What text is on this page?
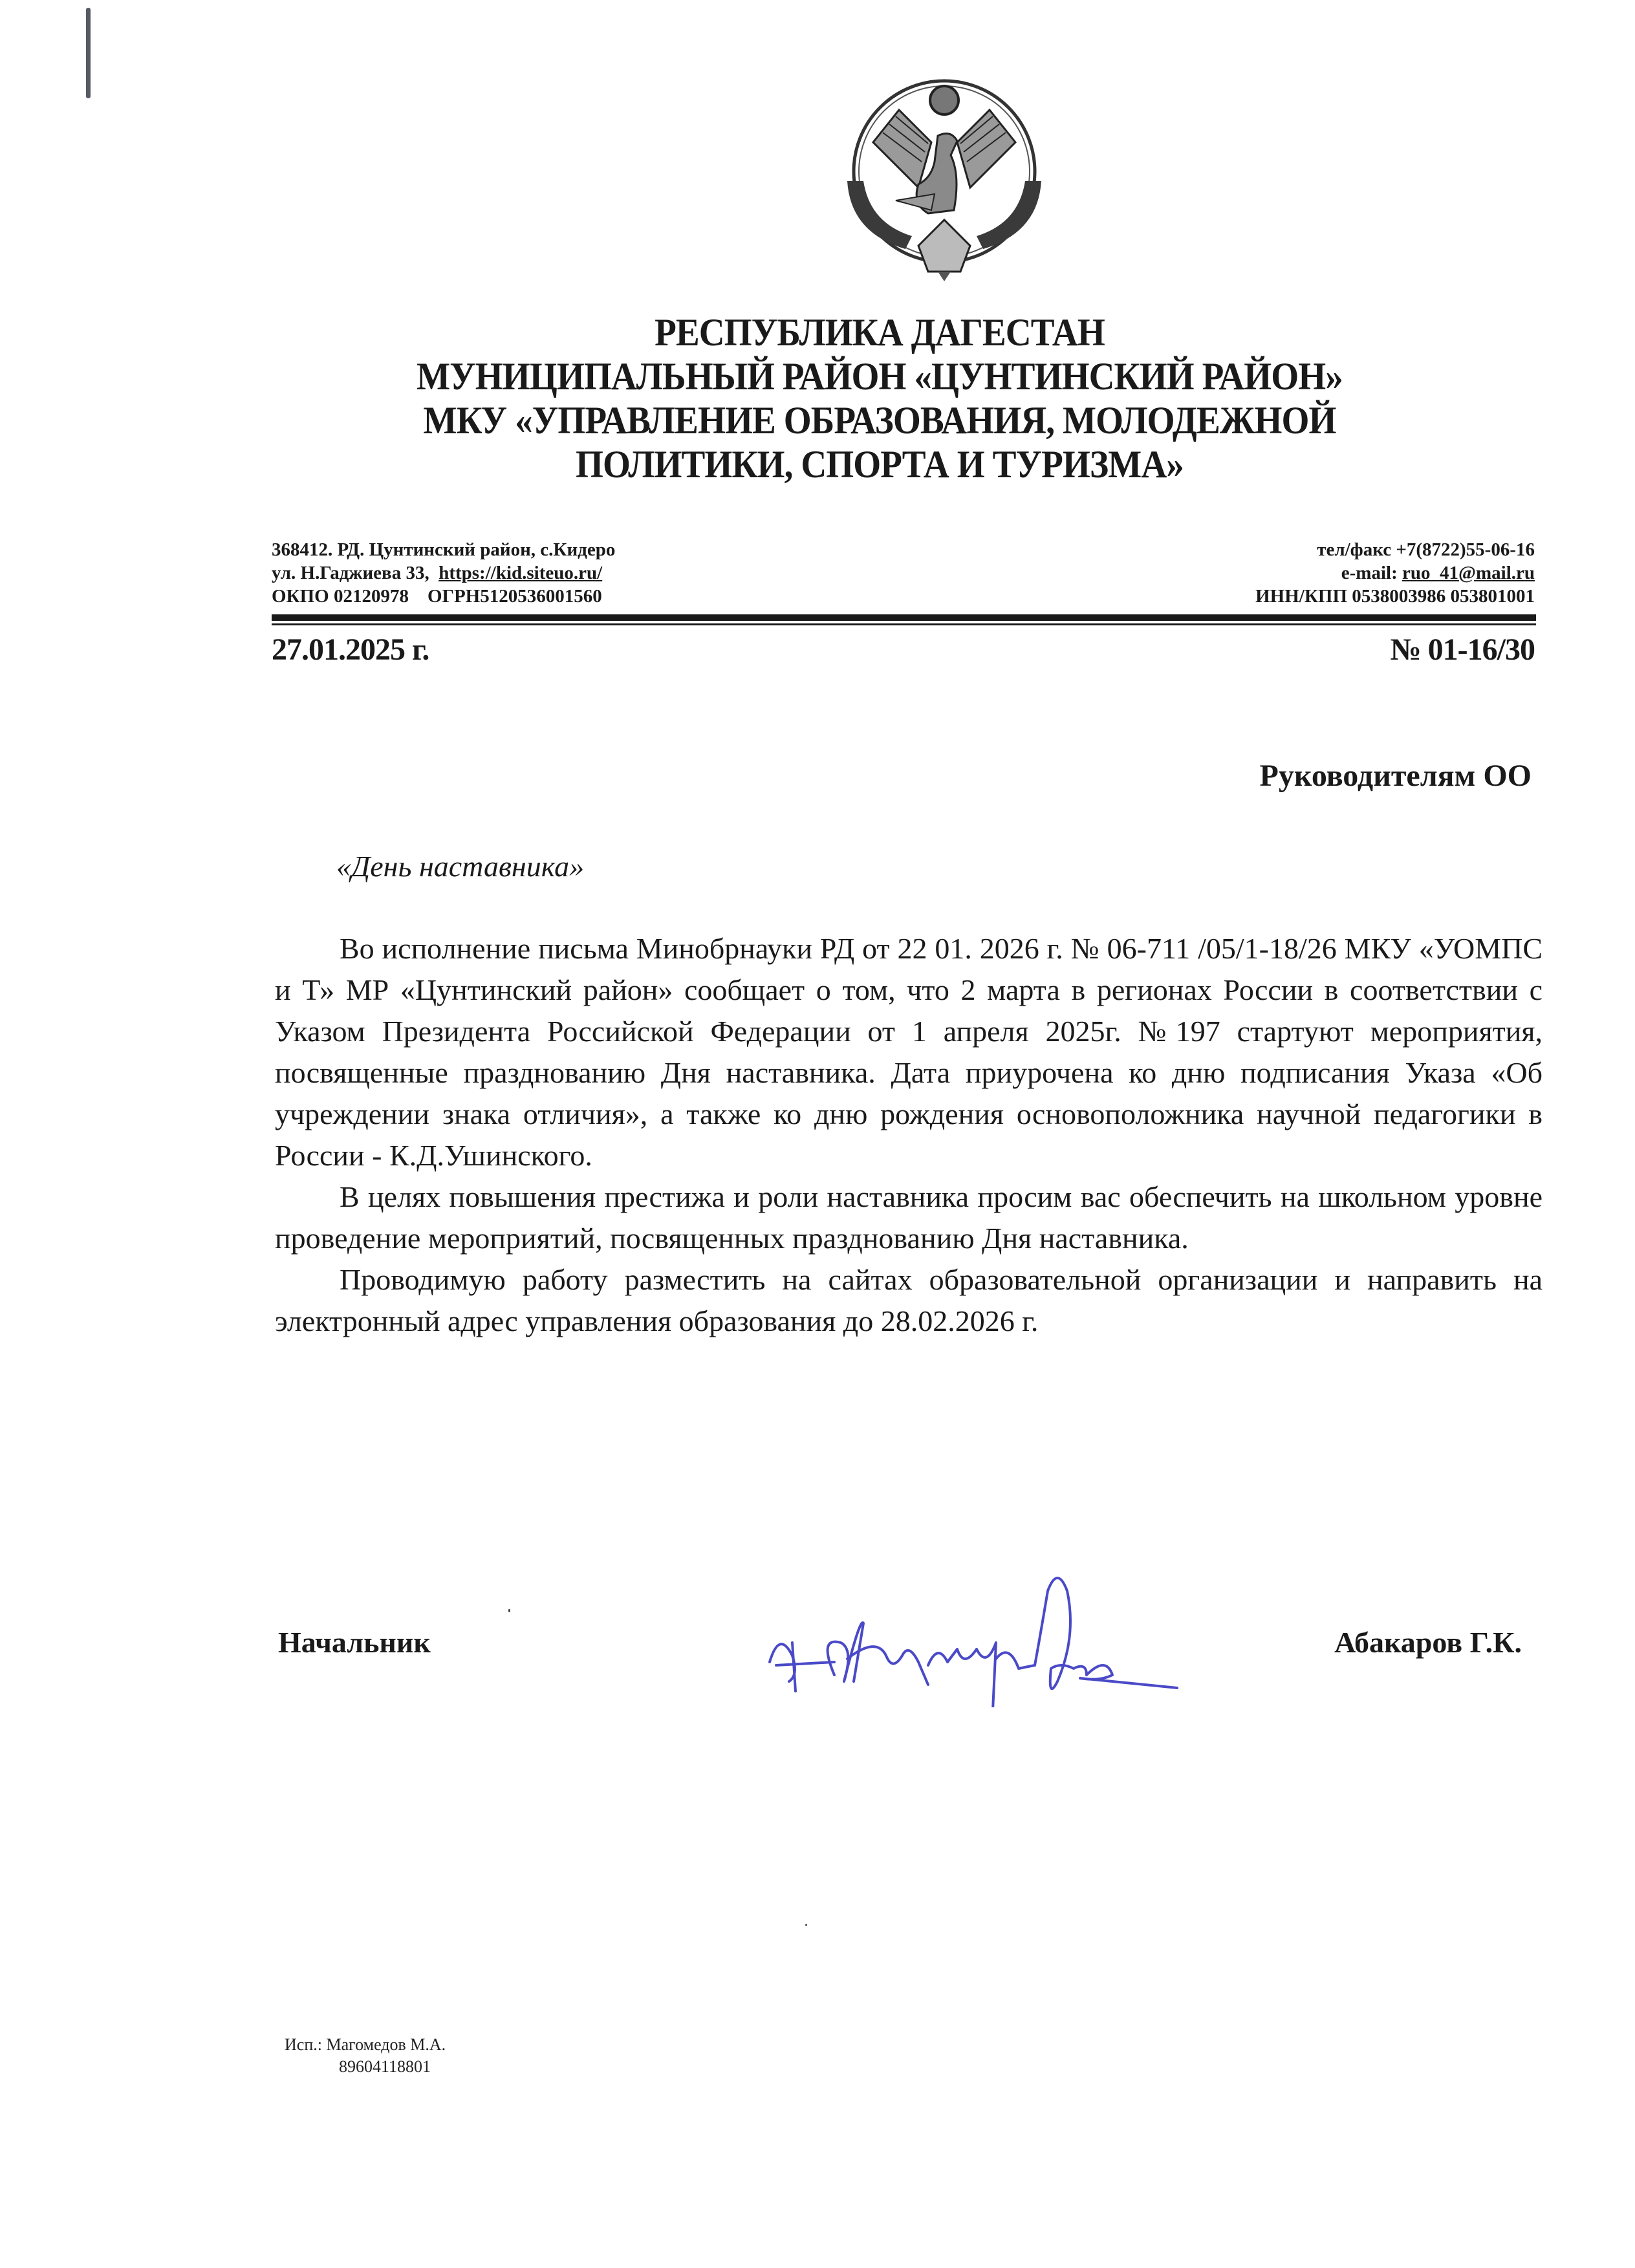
РЕСПУБЛИКА ДАГЕСТАН
МУНИЦИПАЛЬНЫЙ РАЙОН «ЦУНТИНСКИЙ РАЙОН»
МКУ «УПРАВЛЕНИЕ ОБРАЗОВАНИЯ, МОЛОДЕЖНОЙ
ПОЛИТИКИ, СПОРТА И ТУРИЗМА»
368412. РД. Цунтинский район, с.Кидеро
ул. Н.Гаджиева 33, https://kid.siteuo.ru/
ОКПО 02120978 ОГРН5120536001560
тел/факс +7(8722)55-06-16
e-mail: ruo_41@mail.ru
ИНН/КПП 0538003986 053801001
27.01.2025 г.	№ 01-16/30
Руководителям ОО
«День наставника»

Во исполнение письма Минобрнауки РД от 22 01. 2026 г. № 06-711 /05/1-18/26 МКУ «УОМПС и Т» МР «Цунтинский район» сообщает о том, что 2 марта в регионах России в соответствии с Указом Президента Российской Федерации от 1 апреля 2025г. №197 стартуют мероприятия, посвященные празднованию Дня наставника. Дата приурочена ко дню подписания Указа «Об учреждении знака отличия», а также ко дню рождения основоположника научной педагогики в России - К.Д.Ушинского.

В целях повышения престижа и роли наставника просим вас обеспечить на школьном уровне проведение мероприятий, посвященных празднованию Дня наставника.

Проводимую работу разместить на сайтах образовательной организации и направить на электронный адрес управления образования до 28.02.2026 г.

Начальник	Абакаров Г.К.
Исп.: Магомедов М.А.
89604118801
